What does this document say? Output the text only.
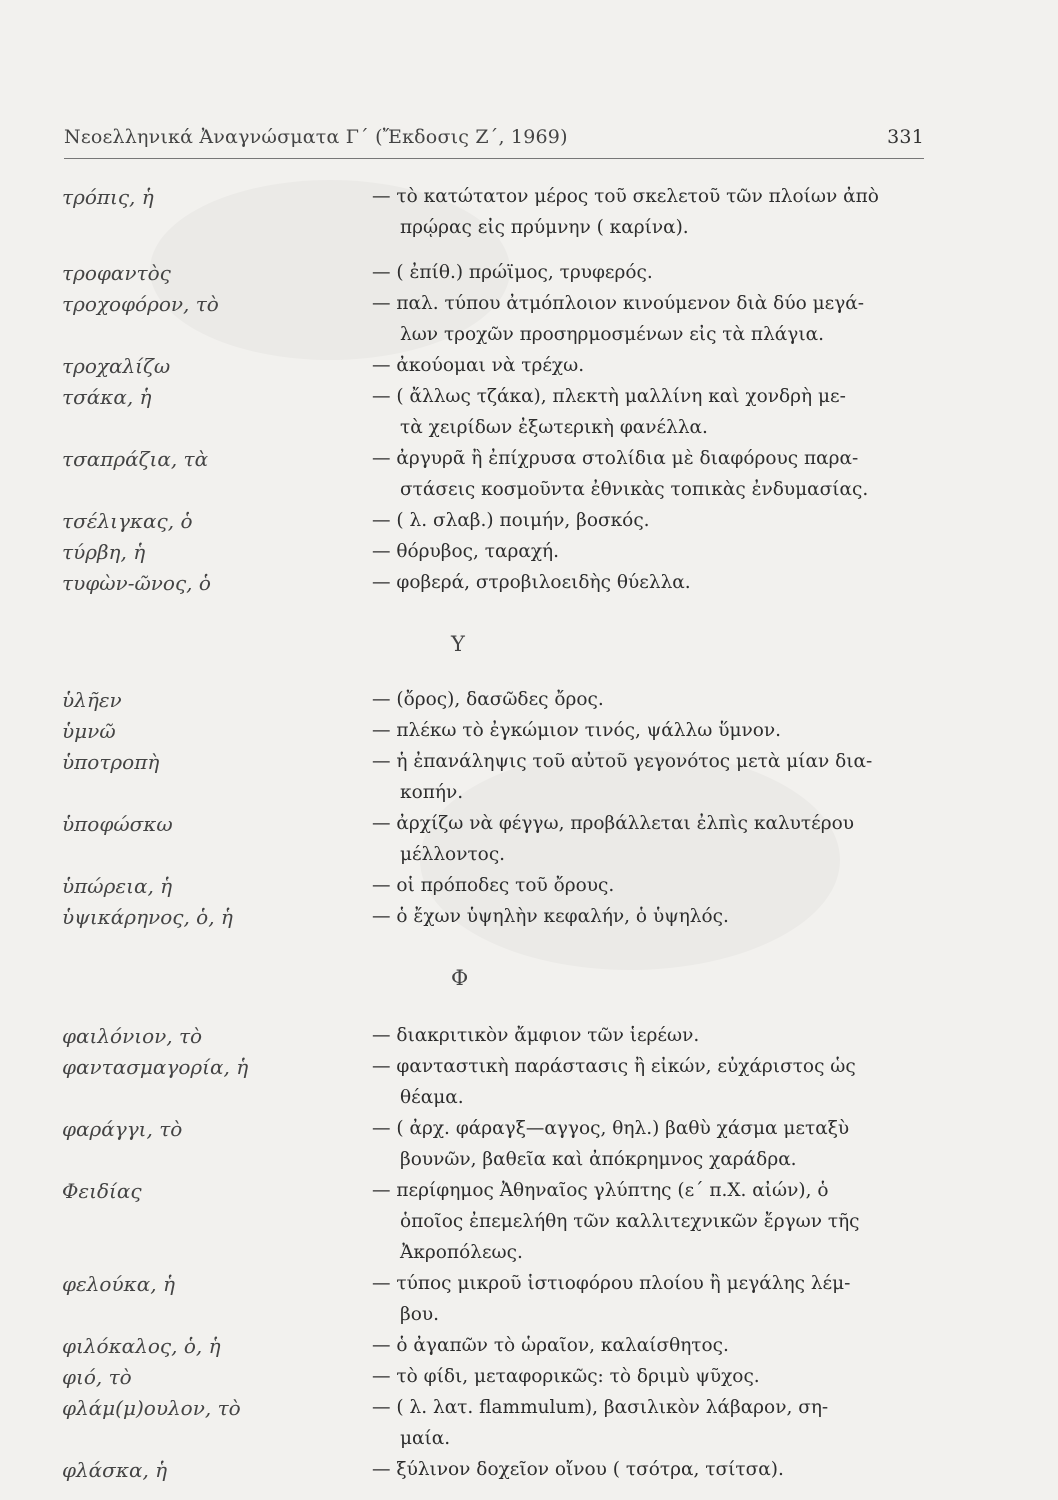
Νεοελληνικά Ἀναγνώσματα Γ΄ (Ἔκδοσις Ζ΄, 1969)	331
τρόπις, ἡ	— τὸ κατώτατον μέρος τοῦ σκελετοῦ τῶν πλοίων ἀπὸ
πρῴρας εἰς πρύμνην ( καρίνα).
τροφαντὸς	— ( ἐπίθ.) πρώϊμος, τρυφερός.
τροχοφόρον, τὸ	— παλ. τύπου ἀτμόπλοιον κινούμενον διὰ δύο μεγά-
λων τροχῶν προσηρμοσμένων εἰς τὰ πλάγια.
τροχαλίζω	— ἀκούομαι νὰ τρέχω.
τσάκα, ἡ	— ( ἄλλως τζάκα), πλεκτὴ μαλλίνη καὶ χονδρὴ με-
τὰ χειρίδων ἐξωτερικὴ φανέλλα.
τσαπράζια, τὰ	— ἀργυρᾶ ἢ ἐπίχρυσα στολίδια μὲ διαφόρους παρα-
στάσεις κοσμοῦντα ἐθνικὰς τοπικὰς ἐνδυμασίας.
τσέλιγκας, ὁ	— ( λ. σλαβ.) ποιμήν, βοσκός.
τύρβη, ἡ	— θόρυβος, ταραχή.
τυφὼν-ῶνος, ὁ	— φοβερά, στροβιλοειδὴς θύελλα.
Υ
ὑλῆεν	— (ὄρος), δασῶδες ὄρος.
ὑμνῶ	— πλέκω τὸ ἐγκώμιον τινός, ψάλλω ὕμνον.
ὑποτροπὴ	— ἡ ἐπανάληψις τοῦ αὐτοῦ γεγονότος μετὰ μίαν δια-
κοπήν.
ὑποφώσκω	— ἀρχίζω νὰ φέγγω, προβάλλεται ἐλπὶς καλυτέρου
μέλλοντος.
ὑπώρεια, ἡ	— οἱ πρόποδες τοῦ ὄρους.
ὑψικάρηνος, ὁ, ἡ	— ὁ ἔχων ὑψηλὴν κεφαλήν, ὁ ὑψηλός.
Φ
φαιλόνιον, τὸ	— διακριτικὸν ἄμφιον τῶν ἱερέων.
φαντασμαγορία, ἡ	— φανταστικὴ παράστασις ἢ εἰκών, εὐχάριστος ὡς
θέαμα.
φαράγγι, τὸ	— ( ἀρχ. φάραγξ—αγγος, θηλ.) βαθὺ χάσμα μεταξὺ
βουνῶν, βαθεῖα καὶ ἀπόκρημνος χαράδρα.
Φειδίας	— περίφημος Ἀθηναῖος γλύπτης (ε΄ π.Χ. αἰών), ὁ
ὁποῖος ἐπεμελήθη τῶν καλλιτεχνικῶν ἔργων τῆς
Ἀκροπόλεως.
φελούκα, ἡ	— τύπος μικροῦ ἱστιοφόρου πλοίου ἢ μεγάλης λέμ-
βου.
φιλόκαλος, ὁ, ἡ	— ὁ ἀγαπῶν τὸ ὡραῖον, καλαίσθητος.
φιό, τὸ	— τὸ φίδι, μεταφορικῶς: τὸ δριμὺ ψῦχος.
φλάμ(μ)ουλον, τὸ	— ( λ. λατ. flammulum), βασιλικὸν λάβαρον, ση-
μαία.
φλάσκα, ἡ	— ξύλινον δοχεῖον οἴνου ( τσότρα, τσίτσα).
